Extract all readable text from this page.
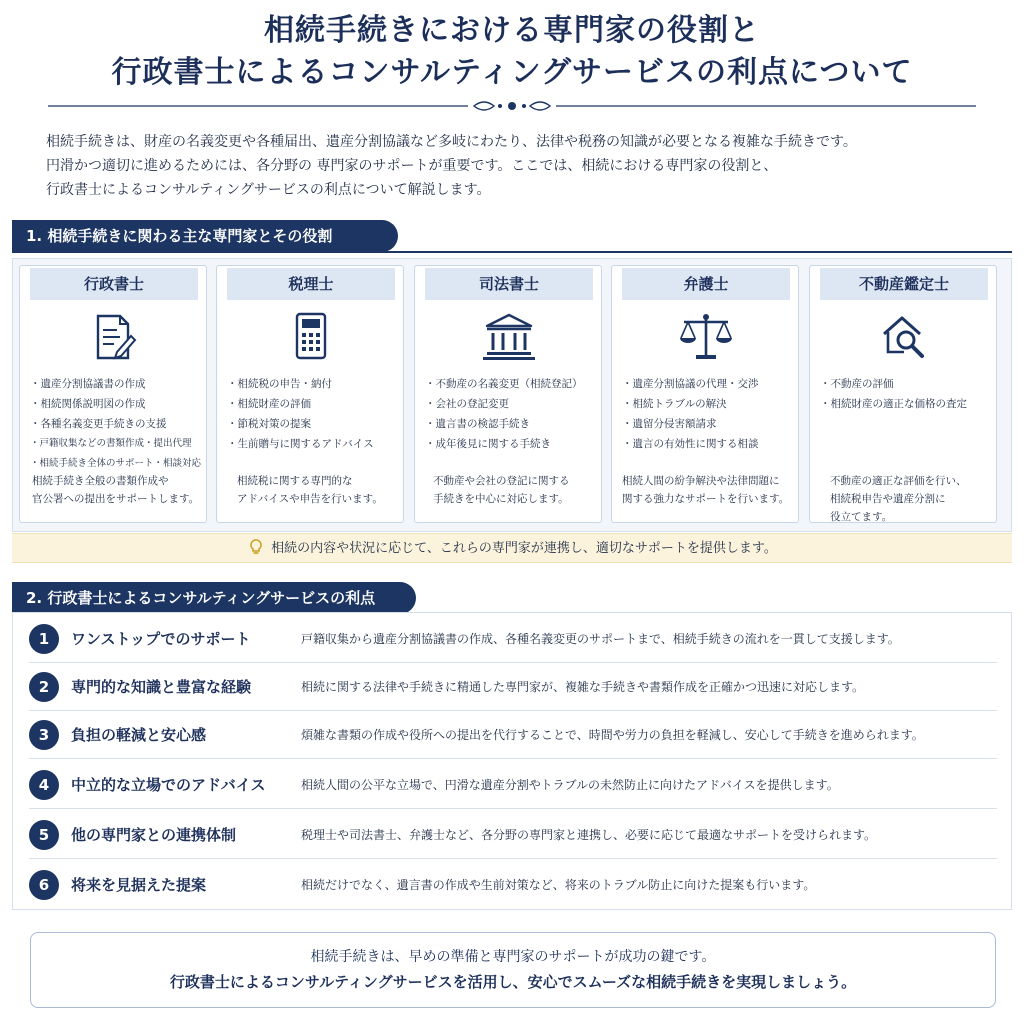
相続手続きにおける専門家の役割と
行政書士によるコンサルティングサービスの利点について
相続手続きは、財産の名義変更や各種届出、遺産分割協議など多岐にわたり、法律や税務の知識が必要となる複雑な手続きです。
円滑かつ適切に進めるためには、各分野の 専門家のサポートが重要です。ここでは、相続における専門家の役割と、
行政書士によるコンサルティングサービスの利点について解説します。
1. 相続手続きに関わる主な専門家とその役割
行政書士
・遺産分割協議書の作成
・相続関係説明図の作成
・各種名義変更手続きの支援
・戸籍収集などの書類作成・提出代理
・相続手続き全体のサポート・相談対応
相続手続き全般の書類作成や
官公署への提出をサポートします。
税理士
・相続税の申告・納付
・相続財産の評価
・節税対策の提案
・生前贈与に関するアドバイス
相続税に関する専門的な
アドバイスや申告を行います。
司法書士
・不動産の名義変更（相続登記）
・会社の登記変更
・遺言書の検認手続き
・成年後見に関する手続き
不動産や会社の登記に関する
手続きを中心に対応します。
弁護士
・遺産分割協議の代理・交渉
・相続トラブルの解決
・遺留分侵害額請求
・遺言の有効性に関する相談
相続人間の紛争解決や法律問題に
関する強力なサポートを行います。
不動産鑑定士
・不動産の評価
・相続財産の適正な価格の査定
不動産の適正な評価を行い、
相続税申告や遺産分割に
役立てます。
相続の内容や状況に応じて、これらの専門家が連携し、適切なサポートを提供します。
2. 行政書士によるコンサルティングサービスの利点
1	ワンストップでのサポート	戸籍収集から遺産分割協議書の作成、各種名義変更のサポートまで、相続手続きの流れを一貫して支援します。
2	専門的な知識と豊富な経験	相続に関する法律や手続きに精通した専門家が、複雑な手続きや書類作成を正確かつ迅速に対応します。
3	負担の軽減と安心感	煩雑な書類の作成や役所への提出を代行することで、時間や労力の負担を軽減し、安心して手続きを進められます。
4	中立的な立場でのアドバイス	相続人間の公平な立場で、円滑な遺産分割やトラブルの未然防止に向けたアドバイスを提供します。
5	他の専門家との連携体制	税理士や司法書士、弁護士など、各分野の専門家と連携し、必要に応じて最適なサポートを受けられます。
6	将来を見据えた提案	相続だけでなく、遺言書の作成や生前対策など、将来のトラブル防止に向けた提案も行います。
相続手続きは、早めの準備と専門家のサポートが成功の鍵です。
行政書士によるコンサルティングサービスを活用し、安心でスムーズな相続手続きを実現しましょう。
